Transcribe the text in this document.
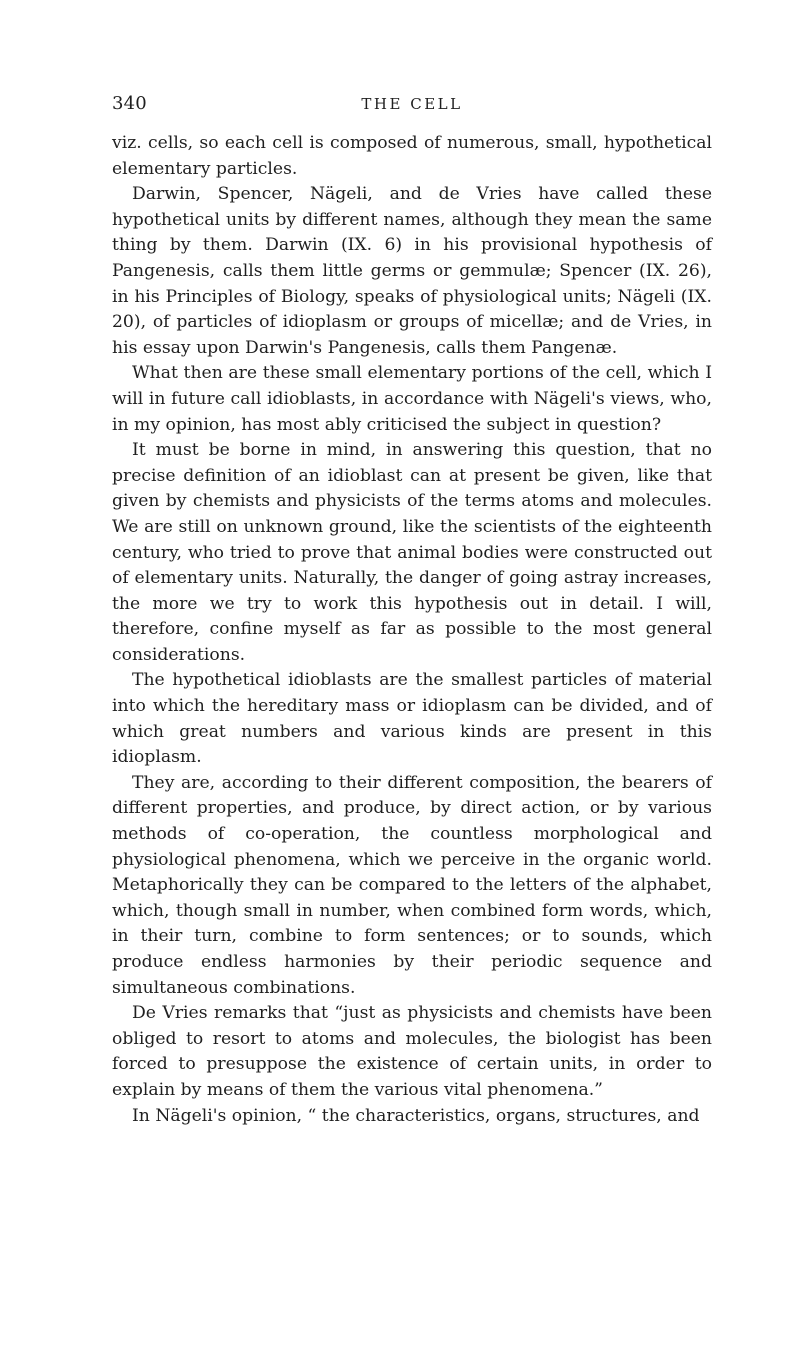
340	THE CELL

viz. cells, so each cell is composed of numerous, small, hypothetical elementary particles.

Darwin, Spencer, Nägeli, and de Vries have called these hypothetical units by different names, although they mean the same thing by them. Darwin (IX. 6) in his provisional hypothesis of Pangenesis, calls them little germs or gemmulæ; Spencer (IX. 26), in his Principles of Biology, speaks of physiological units; Nägeli (IX. 20), of particles of idioplasm or groups of micellæ; and de Vries, in his essay upon Darwin's Pangenesis, calls them Pangenæ.

What then are these small elementary portions of the cell, which I will in future call idioblasts, in accordance with Nägeli's views, who, in my opinion, has most ably criticised the subject in question?

It must be borne in mind, in answering this question, that no precise definition of an idioblast can at present be given, like that given by chemists and physicists of the terms atoms and molecules. We are still on unknown ground, like the scientists of the eighteenth century, who tried to prove that animal bodies were constructed out of elementary units. Naturally, the danger of going astray increases, the more we try to work this hypothesis out in detail. I will, therefore, confine myself as far as possible to the most general considerations.

The hypothetical idioblasts are the smallest particles of material into which the hereditary mass or idioplasm can be divided, and of which great numbers and various kinds are present in this idioplasm.

They are, according to their different composition, the bearers of different properties, and produce, by direct action, or by various methods of co-operation, the countless morphological and physiological phenomena, which we perceive in the organic world. Metaphorically they can be compared to the letters of the alphabet, which, though small in number, when combined form words, which, in their turn, combine to form sentences; or to sounds, which produce endless harmonies by their periodic sequence and simultaneous combinations.

De Vries remarks that “just as physicists and chemists have been obliged to resort to atoms and molecules, the biologist has been forced to presuppose the existence of certain units, in order to explain by means of them the various vital phenomena.”

In Nägeli's opinion, “ the characteristics, organs, structures, and
